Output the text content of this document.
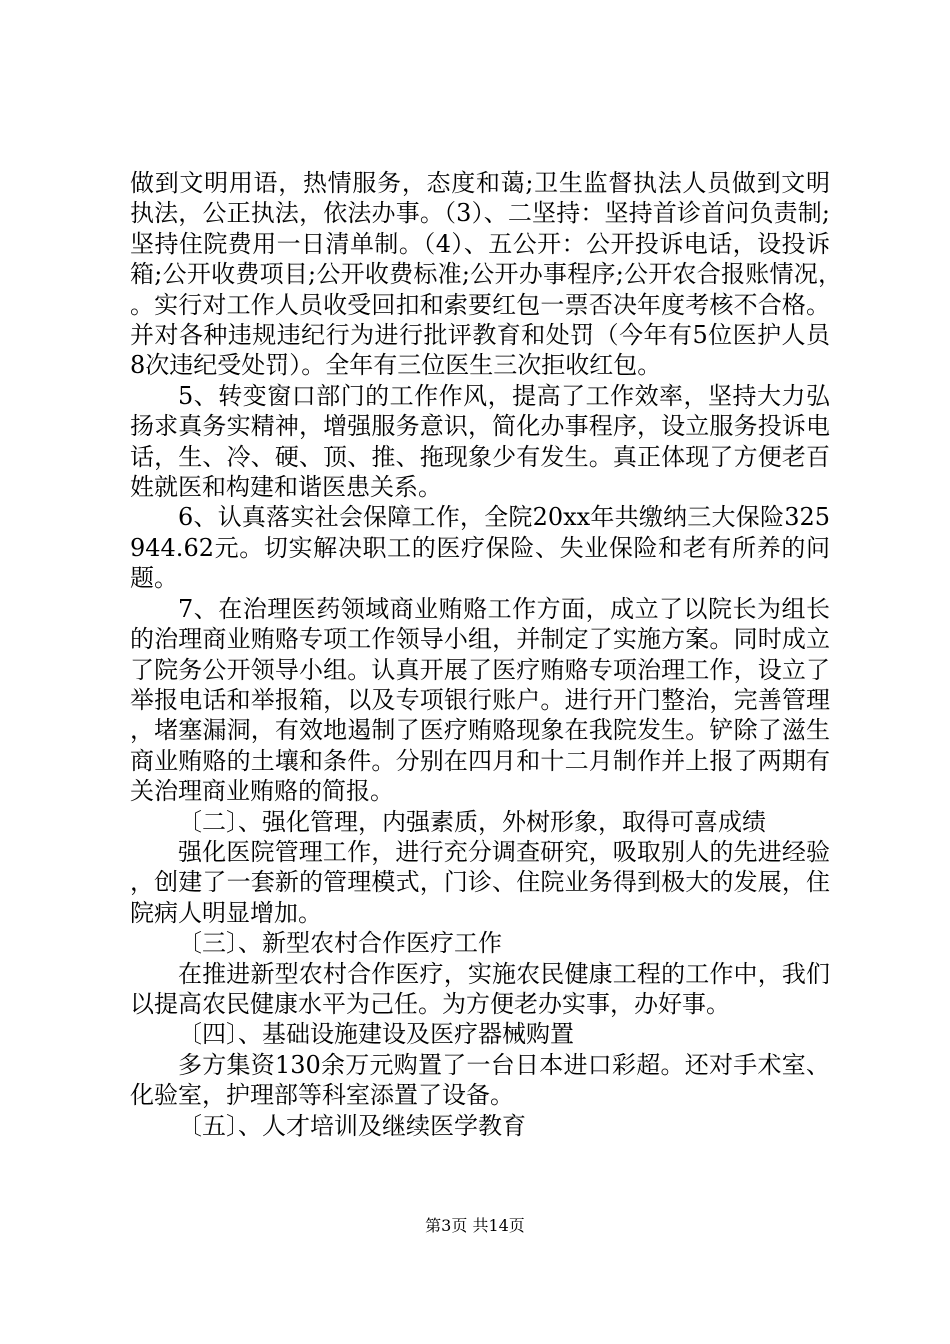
做到文明用语，热情服务，态度和蔼;卫生监督执法人员做到文明执法，公正执法，依法办事。（3）、二坚持：坚持首诊首问负责制;坚持住院费用一日清单制。（4）、五公开：公开投诉电话，设投诉箱;公开收费项目;公开收费标准;公开办事程序;公开农合报账情况，。实行对工作人员收受回扣和索要红包一票否决年度考核不合格。并对各种违规违纪行为进行批评教育和处罚（今年有5位医护人员8次违纪受处罚）。全年有三位医生三次拒收红包。

5、转变窗口部门的工作作风，提高了工作效率，坚持大力弘扬求真务实精神，增强服务意识，简化办事程序，设立服务投诉电话，生、冷、硬、顶、推、拖现象少有发生。真正体现了方便老百姓就医和构建和谐医患关系。

6、认真落实社会保障工作，全院20xx年共缴纳三大保险325944.62元。切实解决职工的医疗保险、失业保险和老有所养的问题。

7、在治理医药领域商业贿赂工作方面，成立了以院长为组长的治理商业贿赂专项工作领导小组，并制定了实施方案。同时成立了院务公开领导小组。认真开展了医疗贿赂专项治理工作，设立了举报电话和举报箱，以及专项银行账户。进行开门整治，完善管理，堵塞漏洞，有效地遏制了医疗贿赂现象在我院发生。铲除了滋生商业贿赂的土壤和条件。分别在四月和十二月制作并上报了两期有关治理商业贿赂的简报。

〔二〕、强化管理，内强素质，外树形象，取得可喜成绩

强化医院管理工作，进行充分调查研究，吸取别人的先进经验，创建了一套新的管理模式，门诊、住院业务得到极大的发展，住院病人明显增加。

〔三〕、新型农村合作医疗工作

在推进新型农村合作医疗，实施农民健康工程的工作中，我们以提高农民健康水平为己任。为方便老办实事，办好事。

〔四〕、基础设施建设及医疗器械购置

多方集资130余万元购置了一台日本进口彩超。还对手术室、化验室，护理部等科室添置了设备。

〔五〕、人才培训及继续医学教育

第3页 共14页
